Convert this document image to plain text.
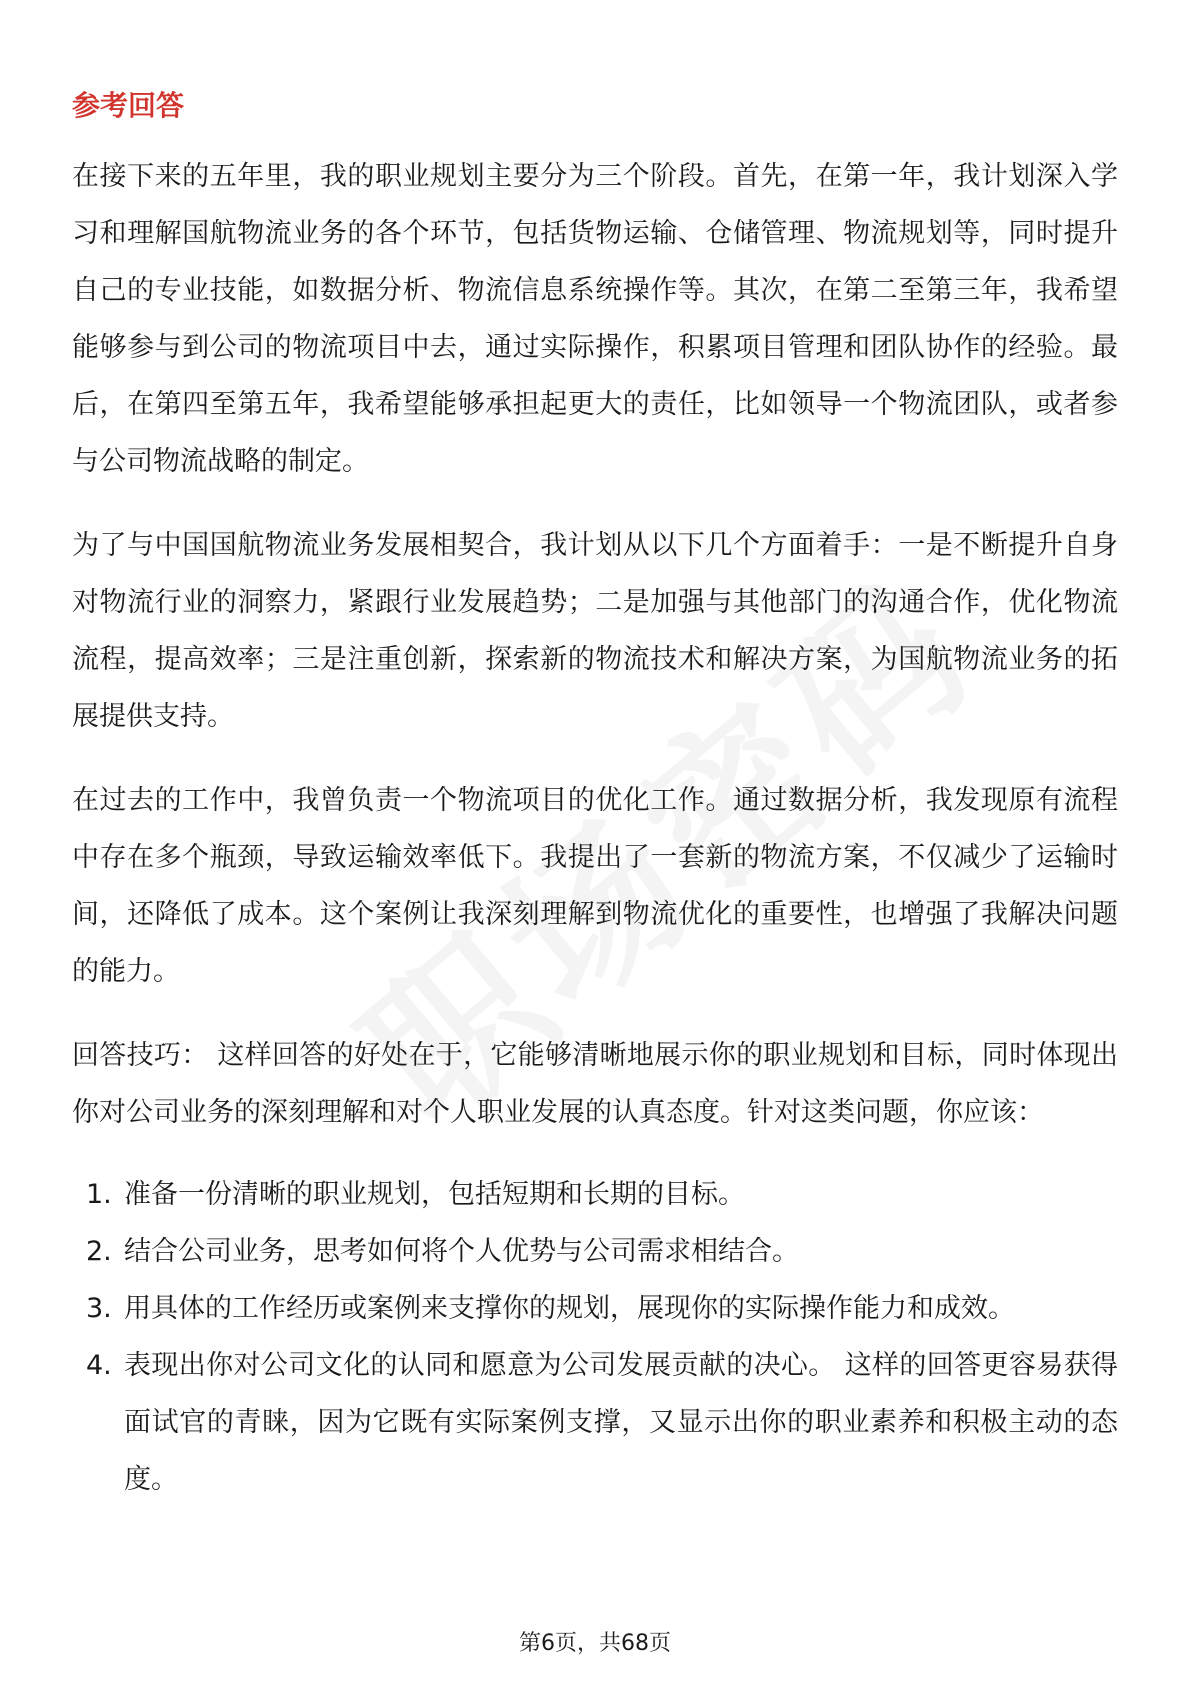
参考回答

在接下来的五年里，我的职业规划主要分为三个阶段。首先，在第一年，我计划深入学习和理解国航物流业务的各个环节，包括货物运输、仓储管理、物流规划等，同时提升自己的专业技能，如数据分析、物流信息系统操作等。其次，在第二至第三年，我希望能够参与到公司的物流项目中去，通过实际操作，积累项目管理和团队协作的经验。最后，在第四至第五年，我希望能够承担起更大的责任，比如领导一个物流团队，或者参与公司物流战略的制定。

为了与中国国航物流业务发展相契合，我计划从以下几个方面着手：一是不断提升自身对物流行业的洞察力，紧跟行业发展趋势；二是加强与其他部门的沟通合作，优化物流流程，提高效率；三是注重创新，探索新的物流技术和解决方案，为国航物流业务的拓展提供支持。

在过去的工作中，我曾负责一个物流项目的优化工作。通过数据分析，我发现原有流程中存在多个瓶颈，导致运输效率低下。我提出了一套新的物流方案，不仅减少了运输时间，还降低了成本。这个案例让我深刻理解到物流优化的重要性，也增强了我解决问题的能力。

回答技巧： 这样回答的好处在于，它能够清晰地展示你的职业规划和目标，同时体现出你对公司业务的深刻理解和对个人职业发展的认真态度。针对这类问题，你应该：

1. 准备一份清晰的职业规划，包括短期和长期的目标。
2. 结合公司业务，思考如何将个人优势与公司需求相结合。
3. 用具体的工作经历或案例来支撑你的规划，展现你的实际操作能力和成效。
4. 表现出你对公司文化的认同和愿意为公司发展贡献的决心。 这样的回答更容易获得面试官的青睐，因为它既有实际案例支撑，又显示出你的职业素养和积极主动的态度。
第6页，共68页
